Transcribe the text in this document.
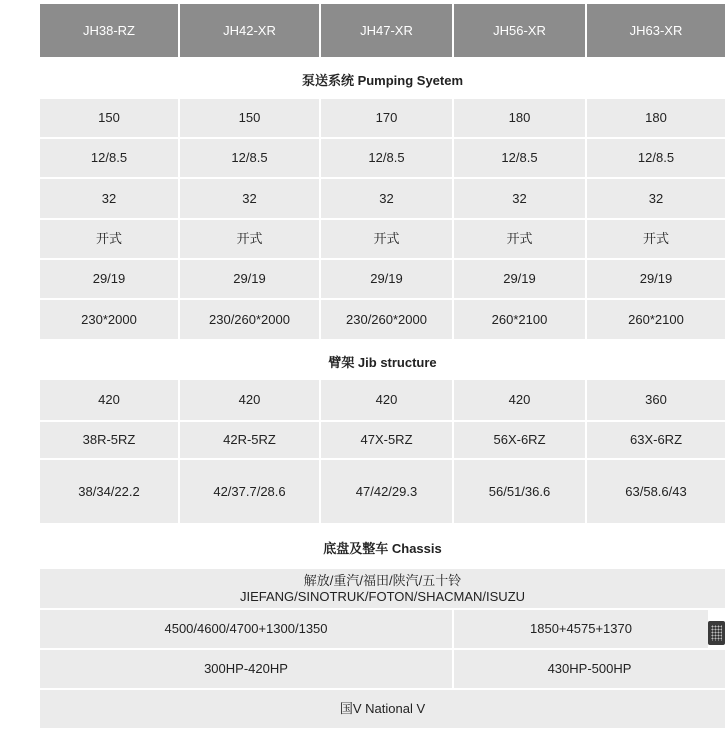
JH38-RZ	JH42-XR	JH47-XR	JH56-XR	JH63-XR
泵送系统 Pumping Syetem
150	150	170	180	180
12/8.5	12/8.5	12/8.5	12/8.5	12/8.5
32	32	32	32	32
开式	开式	开式	开式	开式
29/19	29/19	29/19	29/19	29/19
230*2000	230/260*2000	230/260*2000	260*2100	260*2100
臂架 Jib structure
420	420	420	420	360
38R-5RZ	42R-5RZ	47X-5RZ	56X-6RZ	63X-6RZ
38/34/22.2	42/37.7/28.6	47/42/29.3	56/51/36.6	63/58.6/43
底盘及整车 Chassis
解放/重汽/福田/陕汽/五十铃
JIEFANG/SINOTRUK/FOTON/SHACMAN/ISUZU
4500/4600/4700+1300/1350	1850+4575+1370
300HP-420HP	430HP-500HP
国V National V
